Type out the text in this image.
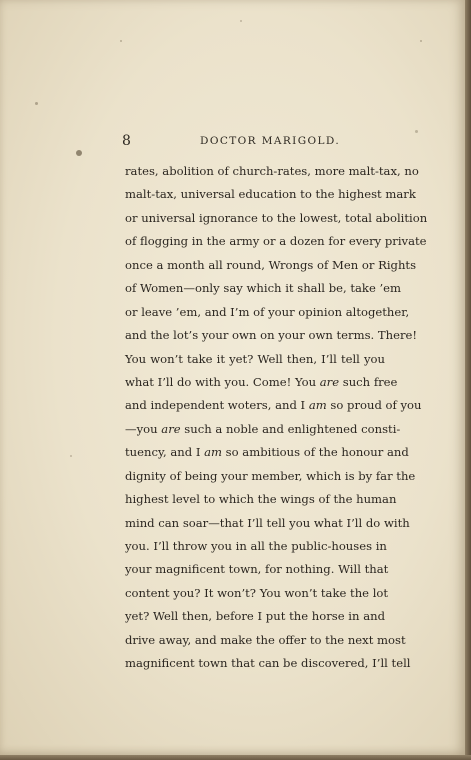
8	DOCTOR MARIGOLD.
rates, abolition of church-rates, more malt-tax, no
malt-tax, universal education to the highest mark
or universal ignorance to the lowest, total abolition
of flogging in the army or a dozen for every private
once a month all round, Wrongs of Men or Rights
of Women—only say which it shall be, take ’em
or leave ’em, and I’m of your opinion altogether,
and the lot’s your own on your own terms. There!
You won’t take it yet? Well then, I’ll tell you
what I’ll do with you. Come! You are such free
and independent woters, and I am so proud of you
—you are such a noble and enlightened consti-
tuency, and I am so ambitious of the honour and
dignity of being your member, which is by far the
highest level to which the wings of the human
mind can soar—that I’ll tell you what I’ll do with
you. I’ll throw you in all the public-houses in
your magnificent town, for nothing. Will that
content you? It won’t? You won’t take the lot
yet? Well then, before I put the horse in and
drive away, and make the offer to the next most
magnificent town that can be discovered, I’ll tell
